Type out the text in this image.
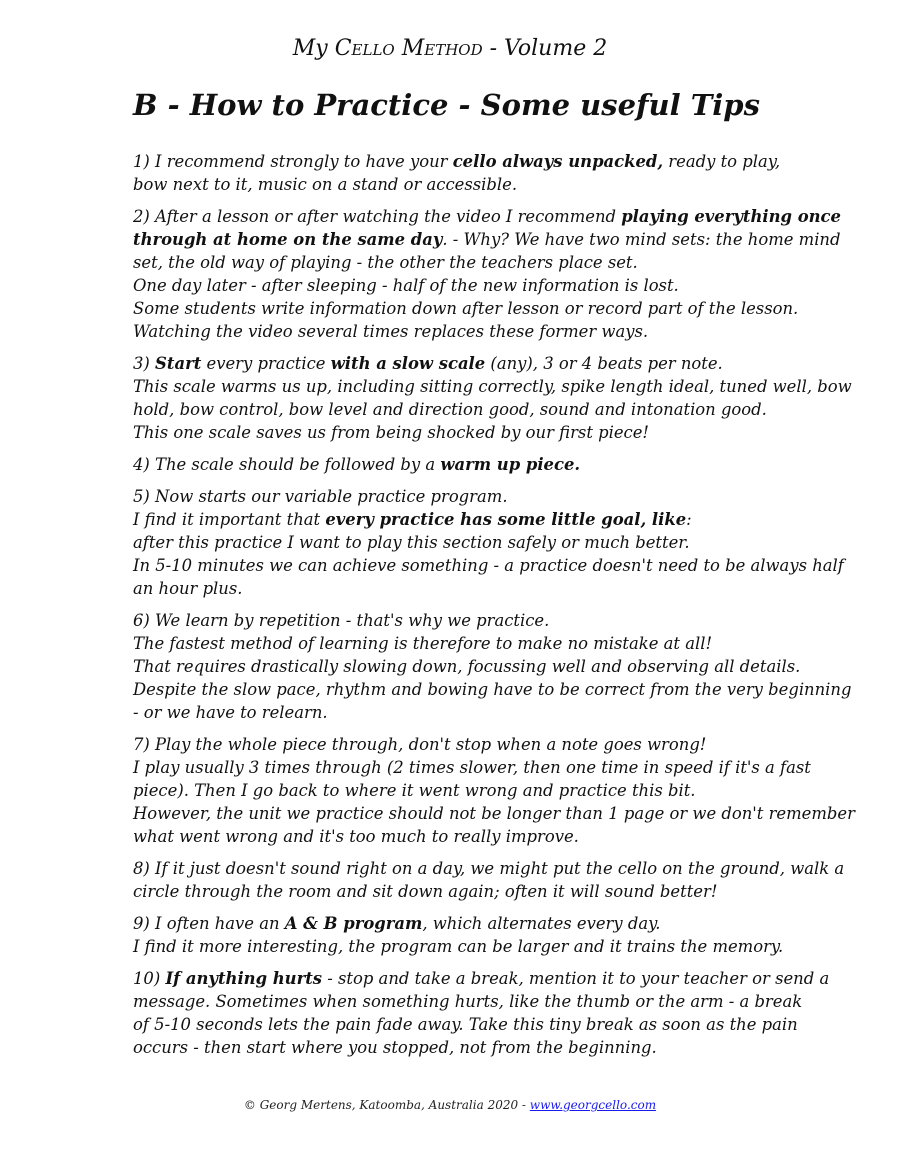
My Cello Method - Volume 2
B - How to Practice - Some useful Tips

1) I recommend strongly to have your cello always unpacked, ready to play,
bow next to it, music on a stand or accessible.

2) After a lesson or after watching the video I recommend playing everything once
through at home on the same day. - Why? We have two mind sets: the home mind
set, the old way of playing - the other the teachers place set.
One day later - after sleeping - half of the new information is lost.
Some students write information down after lesson or record part of the lesson.
Watching the video several times replaces these former ways.

3) Start every practice with a slow scale (any), 3 or 4 beats per note.
This scale warms us up, including sitting correctly, spike length ideal, tuned well, bow
hold, bow control, bow level and direction good, sound and intonation good.
This one scale saves us from being shocked by our first piece!

4) The scale should be followed by a warm up piece.

5) Now starts our variable practice program.
I find it important that every practice has some little goal, like:
after this practice I want to play this section safely or much better.
In 5-10 minutes we can achieve something - a practice doesn't need to be always half
an hour plus.

6) We learn by repetition - that's why we practice.
The fastest method of learning is therefore to make no mistake at all!
That requires drastically slowing down, focussing well and observing all details.
Despite the slow pace, rhythm and bowing have to be correct from the very beginning
- or we have to relearn.

7) Play the whole piece through, don't stop when a note goes wrong!
I play usually 3 times through (2 times slower, then one time in speed if it's a fast
piece). Then I go back to where it went wrong and practice this bit.
However, the unit we practice should not be longer than 1 page or we don't remember
what went wrong and it's too much to really improve.

8) If it just doesn't sound right on a day, we might put the cello on the ground, walk a
circle through the room and sit down again; often it will sound better!

9) I often have an A & B program, which alternates every day.
I find it more interesting, the program can be larger and it trains the memory.

10) If anything hurts - stop and take a break, mention it to your teacher or send a
message. Sometimes when something hurts, like the thumb or the arm - a break
of 5-10 seconds lets the pain fade away. Take this tiny break as soon as the pain
occurs - then start where you stopped, not from the beginning.

© Georg Mertens, Katoomba, Australia 2020 - www.georgcello.com
